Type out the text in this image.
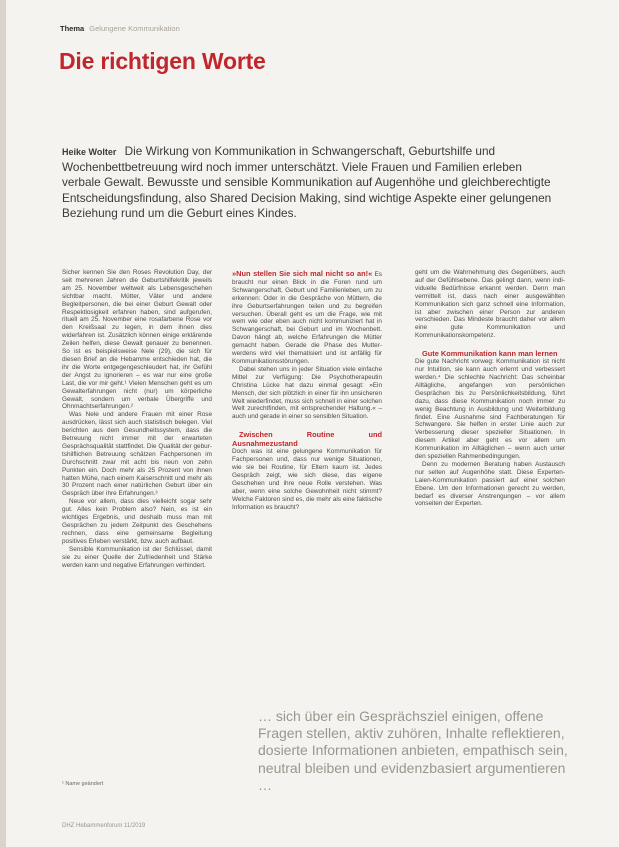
Thema Gelungene Kommunikation
Die richtigen Worte

Heike Wolter Die Wirkung von Kommunikation in Schwangerschaft, Geburtshilfe und Wochenbettbetreuung wird noch immer unterschätzt. Viele Frauen und Familien erleben verbale Gewalt. Bewusste und sensible Kommunikation auf Augenhöhe und gleichberechtigte Entscheidungsfindung, also Shared Decision Making, sind wichtige Aspekte einer gelungenen Beziehung rund um die Geburt eines Kindes.

Sicher kennen Sie den Roses Revolution Day, der seit mehreren Jahren die Geburtshilfekritik jeweils am 25. November weltweit als Lebensgeschehen sichtbar macht. Mütter, Väter und andere Begleitpersonen, die bei einer Geburt Gewalt oder Respektlosigkeit erfahren haben, sind aufgerufen, rituell am 25. November eine rosafarbene Rose vor den Kreißsaal zu legen, in dem ihnen dies widerfahren ist. Zusätzlich können einige erklärende Zeilen helfen, diese Gewalt genauer zu benennen. So ist es beispielsweise Nele (29), die sich für diesen Brief an die Hebamme entschieden hat, die ihr die Worte entgegengeschleudert hat, ihr Gefühl der Angst zu ignorieren – es war nur eine große Last, die vor mir geht.¹ Vielen Menschen geht es um Gewalterfahrungen nicht (nur) um körperliche Gewalt, sondern um verbale Übergriffe und Ohnmachtserfahrungen.²

Was Nele und andere Frauen mit einer Rose ausdrücken, lässt sich auch statistisch belegen. Viel berichten aus dem Gesundheitssystem, dass die Betreuung nicht immer mit der erwarteten Gesprächsqualität stattfindet. Die Qualität der geburtshilflichen Betreuung schätzen Fachpersonen im Durchschnitt zwar mit acht bis neun von zehn Punkten ein. Doch mehr als 25 Prozent von ihnen hatten Mühe, nach einem Kaiserschnitt und mehr als 30 Prozent nach einer natürlichen Geburt über ein Gespräch über ihre Erfahrungen.³

Neue vor allem, dass dies vielleicht sogar sehr gut. Alles kein Problem also? Nein, es ist ein wichtiges Ergebnis, und deshalb muss man mit Gesprächen zu jedem Zeitpunkt des Geschehens rechnen, dass eine gemeinsame Begleitung positives Erleben verstärkt, bzw. auch aufbaut.

Sensible Kommunikation ist der Schlüssel, damit sie zu einer Quelle der Zufriedenheit und Stärke werden kann und negative Erfahrungen verhindert.

»Nun stellen Sie sich mal nicht so an!« Es braucht nur einen Blick in die Foren rund um Schwangerschaft, Geburt und Familienleben, um zu erkennen: Oder in die Gespräche von Müttern, die ihre Geburtserfahrungen teilen und zu begreifen versuchen. Überall geht es um die Frage, wie mit wem wie oder eben auch nicht kommuniziert hat in Schwangerschaft, bei Geburt und im Wochenbett. Davon hängt ab, welche Erfahrungen die Mütter gemacht haben. Gerade die Phase des Mutterwerdens wird viel thematisiert und ist anfällig für Kommunikationsstörungen.

Dabei stehen uns in jeder Situation viele einfache Mittel zur Verfügung: Die Psychotherapeutin Christina Lücke hat dazu einmal gesagt: »Ein Mensch, der sich plötzlich in einer für ihn unsicheren Welt wiederfindet, muss sich schnell in einer solchen Welt zurechtfinden, mit entsprechender Haltung.« – auch und gerade in einer so sensiblen Situation.

Zwischen Routine und Ausnahmezustand

Doch was ist eine gelungene Kommunikation für Fachpersonen und, dass nur wenige Situationen, wie sie bei Routine, für Eltern kaum ist. Jedes Gespräch zeigt, wie sich diese, das eigene Geschehen und ihre neue Rolle verstehen. Was aber, wenn eine solche Gewohnheit nicht stimmt? Welche Faktoren sind es, die mehr als eine faktische Information es braucht?

geht um die Wahrnehmung des Gegenübers, auch auf der Gefühlsebene. Das gelingt dann, wenn individuelle Bedürfnisse erkannt werden. Denn man vermittelt ist, dass nach einer ausgewählten Kommunikation sich ganz schnell eine Information, ist aber zwischen einer Person zur anderen verschieden. Das Mindeste braucht daher vor allem eine gute Kommunikation und Kommunikationskompetenz.

Gute Kommunikation kann man lernen

Die gute Nachricht vorweg: Kommunikation ist nicht nur Intuition, sie kann auch erlernt und verbessert werden.⁴ Die schlechte Nachricht: Das scheinbar Alltägliche, angefangen von persönlichen Gesprächen bis zu Persönlichkeitsbildung, führt dazu, dass diese Kommunikation noch immer zu wenig Beachtung in Ausbildung und Weiterbildung findet. Eine Ausnahme sind Fachberatungen für Schwangere. Sie helfen in erster Linie auch zur Verbesserung dieser spezieller Situationen. In diesem Artikel aber geht es vor allem um Kommunikation im Alltäglichen – wenn auch unter den speziellen Rahmenbedingungen.

Denn zu modernen Beratung haben Austausch nur selten auf Augenhöhe statt. Diese Experten-Laien-Kommunikation passiert auf einer solchen Ebene. Um den Informationen gerecht zu werden, bedarf es diverser Anstrengungen – vor allem vonseiten der Experten.

… sich über ein Gesprächsziel einigen, offene Fragen stellen, aktiv zuhören, Inhalte reflektieren, dosierte Informationen anbieten, empathisch sein, neutral bleiben und evidenzbasiert argumentieren …

¹ Name geändert
DHZ Hebammenforum 11/2019
